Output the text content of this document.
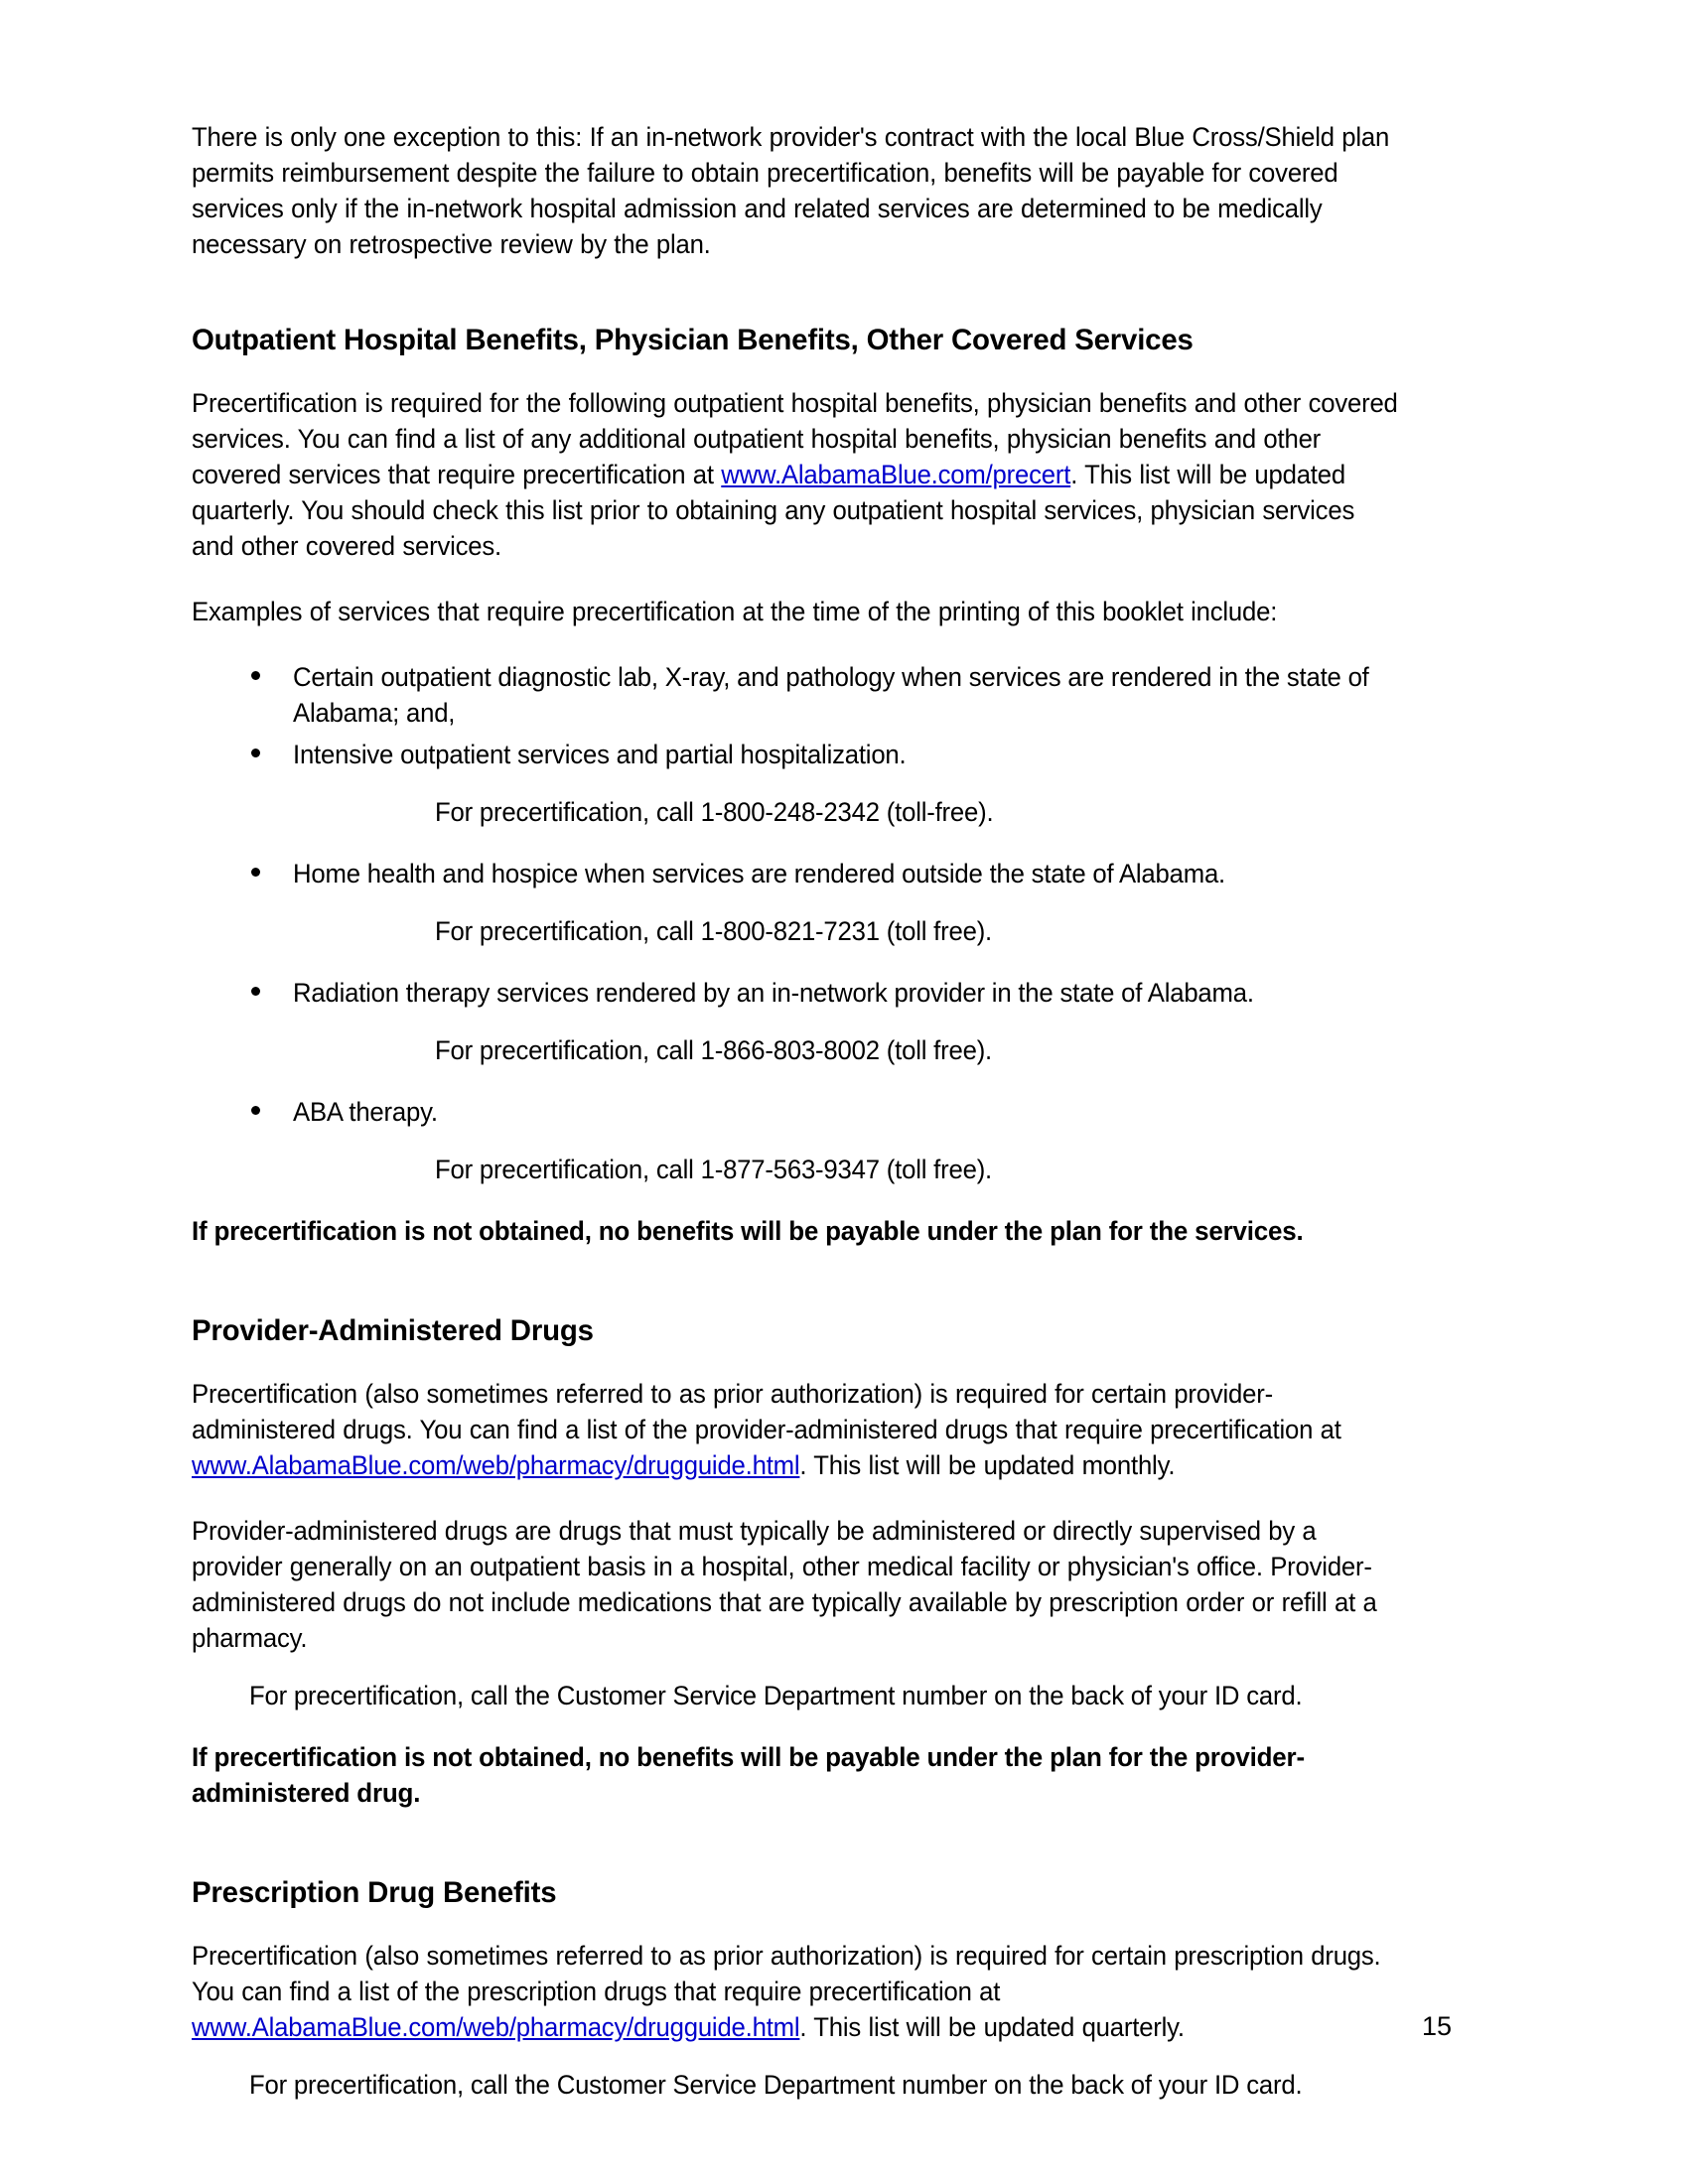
There is only one exception to this: If an in-network provider's contract with the local Blue Cross/Shield plan permits reimbursement despite the failure to obtain precertification, benefits will be payable for covered services only if the in-network hospital admission and related services are determined to be medically necessary on retrospective review by the plan.

Outpatient Hospital Benefits, Physician Benefits, Other Covered Services

Precertification is required for the following outpatient hospital benefits, physician benefits and other covered services. You can find a list of any additional outpatient hospital benefits, physician benefits and other covered services that require precertification at www.AlabamaBlue.com/precert. This list will be updated quarterly. You should check this list prior to obtaining any outpatient hospital services, physician services and other covered services.

Examples of services that require precertification at the time of the printing of this booklet include:

Certain outpatient diagnostic lab, X-ray, and pathology when services are rendered in the state of Alabama; and,
Intensive outpatient services and partial hospitalization.
For precertification, call 1-800-248-2342 (toll-free).
Home health and hospice when services are rendered outside the state of Alabama.
For precertification, call 1-800-821-7231 (toll free).
Radiation therapy services rendered by an in-network provider in the state of Alabama.
For precertification, call 1-866-803-8002 (toll free).
ABA therapy.
For precertification, call 1-877-563-9347 (toll free).

If precertification is not obtained, no benefits will be payable under the plan for the services.

Provider-Administered Drugs

Precertification (also sometimes referred to as prior authorization) is required for certain provider-administered drugs. You can find a list of the provider-administered drugs that require precertification at www.AlabamaBlue.com/web/pharmacy/drugguide.html. This list will be updated monthly.

Provider-administered drugs are drugs that must typically be administered or directly supervised by a provider generally on an outpatient basis in a hospital, other medical facility or physician's office. Provider-administered drugs do not include medications that are typically available by prescription order or refill at a pharmacy.

For precertification, call the Customer Service Department number on the back of your ID card.

If precertification is not obtained, no benefits will be payable under the plan for the provider-administered drug.

Prescription Drug Benefits

Precertification (also sometimes referred to as prior authorization) is required for certain prescription drugs. You can find a list of the prescription drugs that require precertification at www.AlabamaBlue.com/web/pharmacy/drugguide.html. This list will be updated quarterly.

For precertification, call the Customer Service Department number on the back of your ID card.
15
